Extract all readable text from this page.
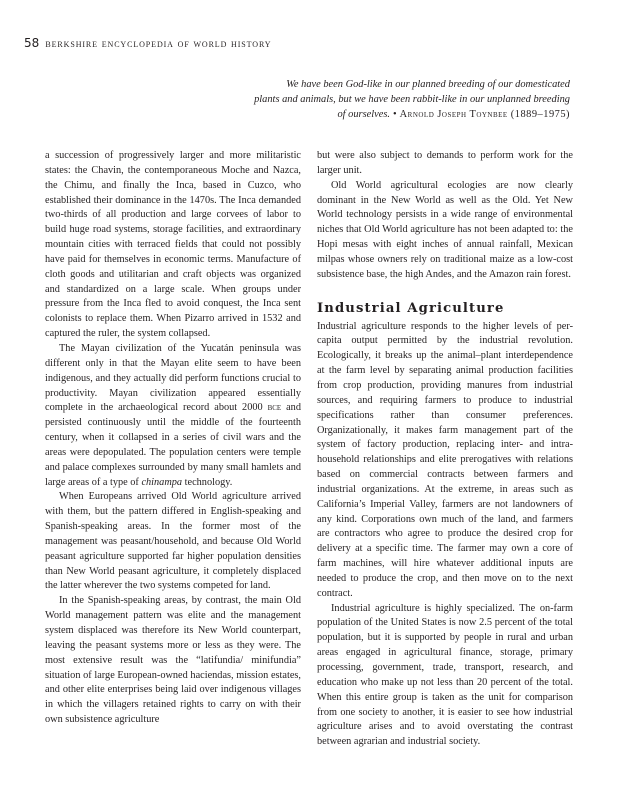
58 berkshire encyclopedia of world history
We have been God-like in our planned breeding of our domesticated
plants and animals, but we have been rabbit-like in our unplanned breeding
of ourselves. • Arnold Joseph Toynbee (1889–1975)

a succession of progressively larger and more militaristic states: the Chavin, the contemporaneous Moche and Nazca, the Chimu, and finally the Inca, based in Cuzco, who established their dominance in the 1470s. The Inca demanded two-thirds of all production and large corvees of labor to build huge road systems, storage facilities, and extraordinary mountain cities with terraced fields that could not possibly have paid for themselves in economic terms. Manufacture of cloth goods and utilitarian and craft objects was organized and standardized on a large scale. When groups under pressure from the Inca fled to avoid conquest, the Inca sent colonists to replace them. When Pizarro arrived in 1532 and captured the ruler, the system collapsed.

The Mayan civilization of the Yucatán peninsula was different only in that the Mayan elite seem to have been indigenous, and they actually did perform functions crucial to productivity. Mayan civilization appeared essentially complete in the archaeological record about 2000 bce and persisted continuously until the middle of the fourteenth century, when it collapsed in a series of civil wars and the areas were depopulated. The population centers were temple and palace complexes surrounded by many small hamlets and large areas of a type of chinampa technology.

When Europeans arrived Old World agriculture arrived with them, but the pattern differed in English-speaking and Spanish-speaking areas. In the former most of the management was peasant/household, and because Old World peasant agriculture supported far higher population densities than New World peasant agriculture, it completely displaced the latter wherever the two systems competed for land.

In the Spanish-speaking areas, by contrast, the main Old World management pattern was elite and the management system displaced was therefore its New World counterpart, leaving the peasant systems more or less as they were. The most extensive result was the “latifundia/ minifundia” situation of large European-owned haciendas, mission estates, and other elite enterprises being laid over indigenous villages in which the villagers retained rights to carry on with their own subsistence agriculture

but were also subject to demands to perform work for the larger unit.

Old World agricultural ecologies are now clearly dominant in the New World as well as the Old. Yet New World technology persists in a wide range of environmental niches that Old World agriculture has not been adapted to: the Hopi mesas with eight inches of annual rainfall, Mexican milpas whose owners rely on traditional maize as a low-cost subsistence base, the high Andes, and the Amazon rain forest.

Industrial Agriculture

Industrial agriculture responds to the higher levels of per-capita output permitted by the industrial revolution. Ecologically, it breaks up the animal–plant interdependence at the farm level by separating animal production facilities from crop production, providing manures from industrial sources, and requiring farmers to produce to industrial specifications rather than consumer preferences. Organizationally, it makes farm management part of the system of factory production, replacing inter- and intra-household relationships and elite prerogatives with relations based on commercial contracts between farmers and industrial organizations. At the extreme, in areas such as California’s Imperial Valley, farmers are not landowners of any kind. Corporations own much of the land, and farmers are contractors who agree to produce the desired crop for delivery at a specific time. The farmer may own a core of farm machines, will hire whatever additional inputs are needed to produce the crop, and then move on to the next contract.

Industrial agriculture is highly specialized. The on-farm population of the United States is now 2.5 percent of the total population, but it is supported by people in rural and urban areas engaged in agricultural finance, storage, primary processing, government, trade, transport, research, and education who make up not less than 20 percent of the total. When this entire group is taken as the unit for comparison from one society to another, it is easier to see how industrial agriculture arises and to avoid overstating the contrast between agrarian and industrial society.
